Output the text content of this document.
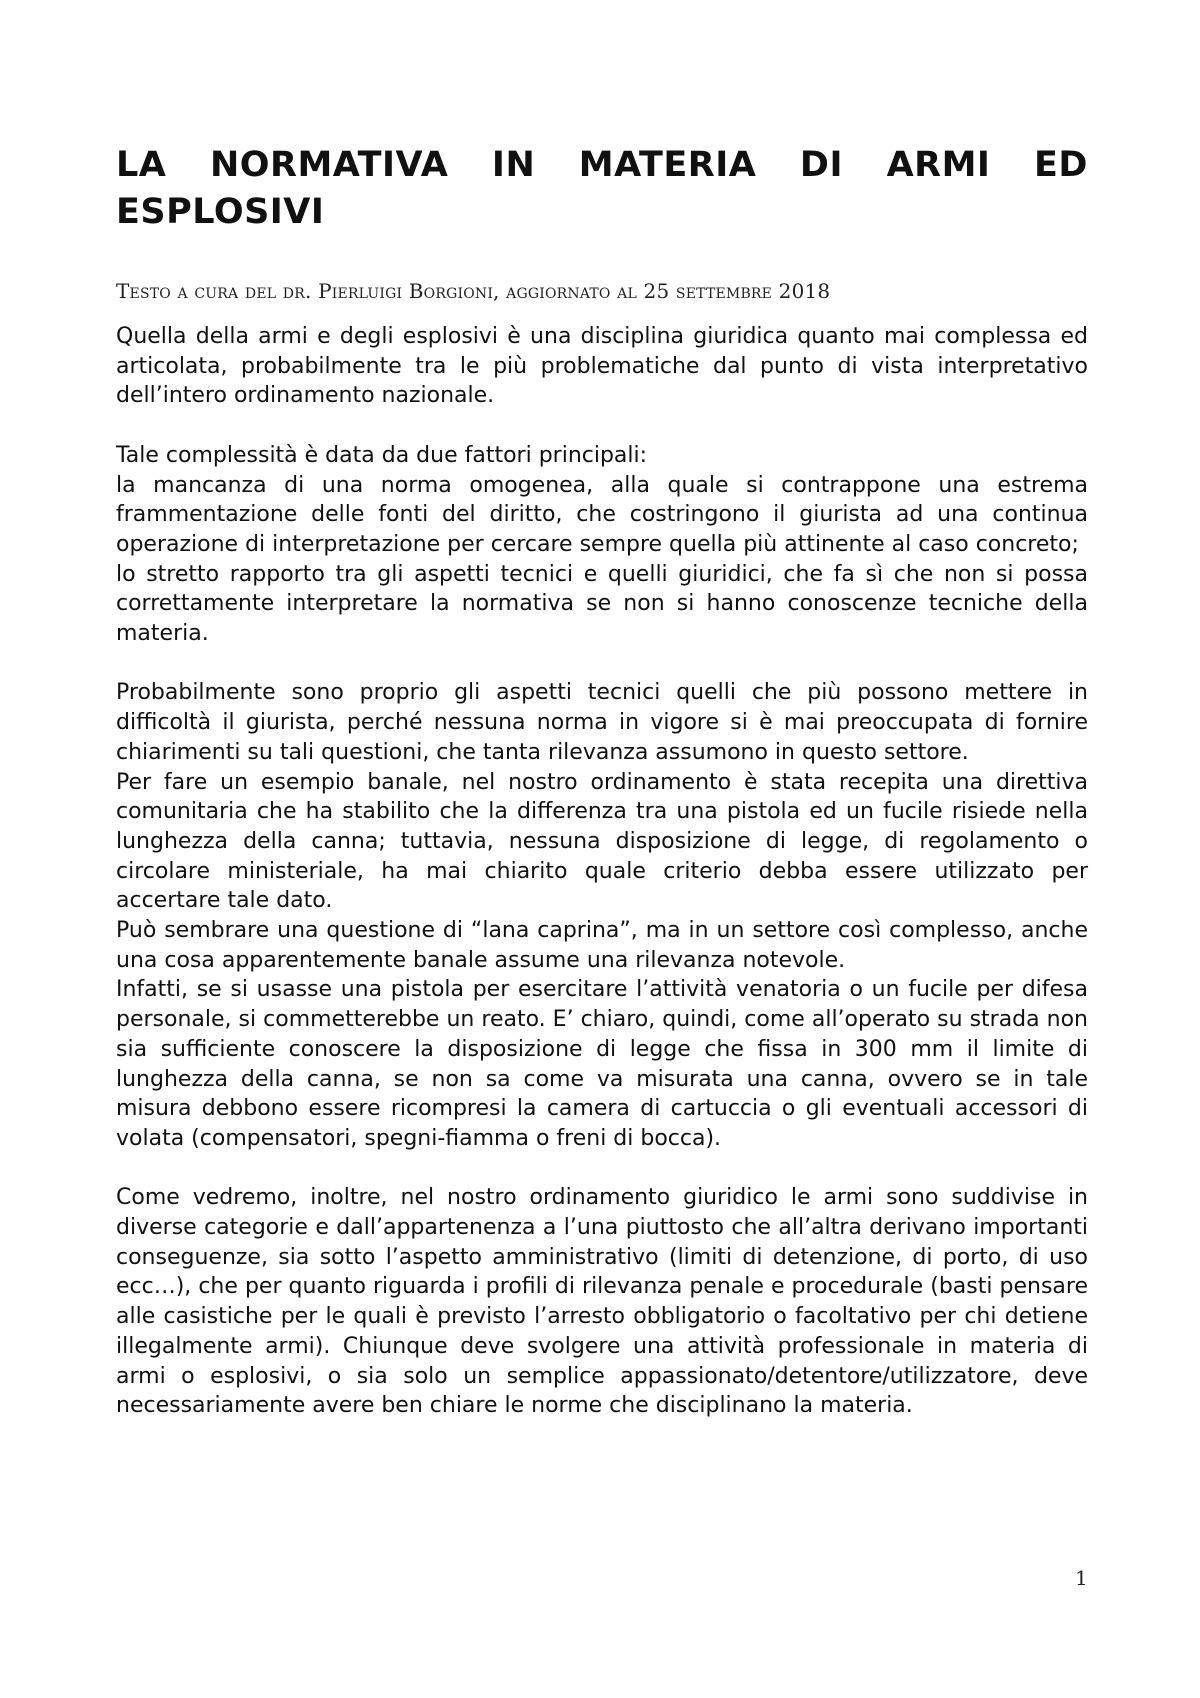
LA NORMATIVA IN MATERIA DI ARMI ED
ESPLOSIVI
Testo a cura del dr. Pierluigi Borgioni, aggiornato al 25 settembre 2018

Quella della armi e degli esplosivi è una disciplina giuridica quanto mai complessa ed articolata, probabilmente tra le più problematiche dal punto di vista interpretativo dell’intero ordinamento nazionale.

Tale complessità è data da due fattori principali:

la mancanza di una norma omogenea, alla quale si contrappone una estrema frammentazione delle fonti del diritto, che costringono il giurista ad una continua operazione di interpretazione per cercare sempre quella più attinente al caso concreto;

lo stretto rapporto tra gli aspetti tecnici e quelli giuridici, che fa sì che non si possa correttamente interpretare la normativa se non si hanno conoscenze tecniche della materia.

Probabilmente sono proprio gli aspetti tecnici quelli che più possono mettere in difficoltà il giurista, perché nessuna norma in vigore si è mai preoccupata di fornire chiarimenti su tali questioni, che tanta rilevanza assumono in questo settore.

Per fare un esempio banale, nel nostro ordinamento è stata recepita una direttiva comunitaria che ha stabilito che la differenza tra una pistola ed un fucile risiede nella lunghezza della canna; tuttavia, nessuna disposizione di legge, di regolamento o circolare ministeriale, ha mai chiarito quale criterio debba essere utilizzato per accertare tale dato.

Può sembrare una questione di “lana caprina”, ma in un settore così complesso, anche una cosa apparentemente banale assume una rilevanza notevole.

Infatti, se si usasse una pistola per esercitare l’attività venatoria o un fucile per difesa personale, si commetterebbe un reato. E’ chiaro, quindi, come all’operato su strada non sia sufficiente conoscere la disposizione di legge che fissa in 300 mm il limite di lunghezza della canna, se non sa come va misurata una canna, ovvero se in tale misura debbono essere ricompresi la camera di cartuccia o gli eventuali accessori di volata (compensatori, spegni-fiamma o freni di bocca).

Come vedremo, inoltre, nel nostro ordinamento giuridico le armi sono suddivise in diverse categorie e dall’appartenenza a l’una piuttosto che all’altra derivano importanti conseguenze, sia sotto l’aspetto amministrativo (limiti di detenzione, di porto, di uso ecc…), che per quanto riguarda i profili di rilevanza penale e procedurale (basti pensare alle casistiche per le quali è previsto l’arresto obbligatorio o facoltativo per chi detiene illegalmente armi). Chiunque deve svolgere una attività professionale in materia di armi o esplosivi, o sia solo un semplice appassionato/detentore/utilizzatore, deve necessariamente avere ben chiare le norme che disciplinano la materia.

1
